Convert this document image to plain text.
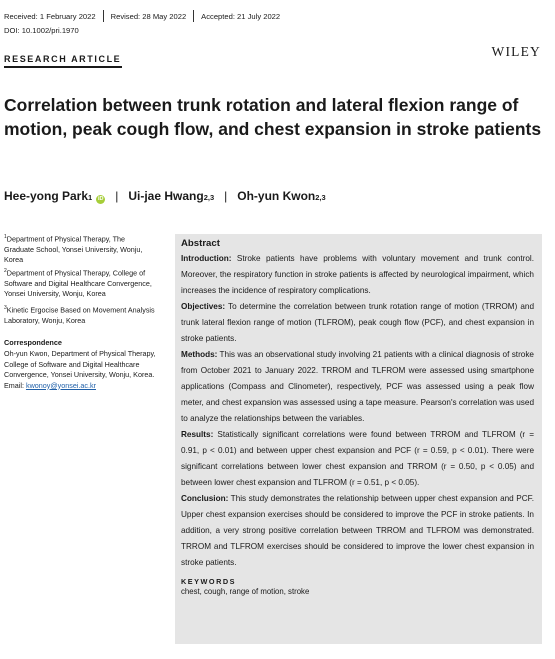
Received: 1 February 2022 Revised: 28 May 2022 Accepted: 21 July 2022
DOI: 10.1002/pri.1970
RESEARCH ARTICLE	WILEY
Correlation between trunk rotation and lateral flexion range of motion, peak cough flow, and chest expansion in stroke patients
Hee-yong Park 1	iD | Ui-jae Hwang 2,3 | Oh-yun Kwon 2,3
$^1$Department of Physical Therapy, The Graduate School, Yonsei University, Wonju, Korea
$^2$Department of Physical Therapy, College of Software and Digital Healthcare Convergence, Yonsei University, Wonju, Korea
$^3$Kinetic Ergocise Based on Movement Analysis Laboratory, Wonju, Korea
Correspondence
Oh-yun Kwon, Department of Physical Therapy, College of Software and Digital Healthcare Convergence, Yonsei University, Wonju, Korea.
Email: kwonoy@yonsei.ac.kr
Abstract

Introduction: Stroke patients have problems with voluntary movement and trunk control. Moreover, the respiratory function in stroke patients is affected by neurological impairment, which increases the incidence of respiratory complications.

Objectives: To determine the correlation between trunk rotation range of motion (TRROM) and trunk lateral flexion range of motion (TLFROM), peak cough flow (PCF), and chest expansion in stroke patients.

Methods: This was an observational study involving 21 patients with a clinical diagnosis of stroke from October 2021 to January 2022. TRROM and TLFROM were assessed using smartphone applications (Compass and Clinometer), respectively, PCF was assessed using a peak flow meter, and chest expansion was assessed using a tape measure. Pearson's correlation was used to analyze the relationships between the variables.

Results: Statistically significant correlations were found between TRROM and TLFROM (r = 0.91, p < 0.01) and between upper chest expansion and PCF (r = 0.59, p < 0.01). There were significant correlations between lower chest expansion and TRROM (r = 0.50, p < 0.05) and between lower chest expansion and TLFROM (r = 0.51, p < 0.05).

Conclusion: This study demonstrates the relationship between upper chest expansion and PCF. Upper chest expansion exercises should be considered to improve the PCF in stroke patients. In addition, a very strong positive correlation between TRROM and TLFROM was demonstrated. TRROM and TLFROM exercises should be considered to improve the lower chest expansion in stroke patients.

KEYWORDS
chest, cough, range of motion, stroke
